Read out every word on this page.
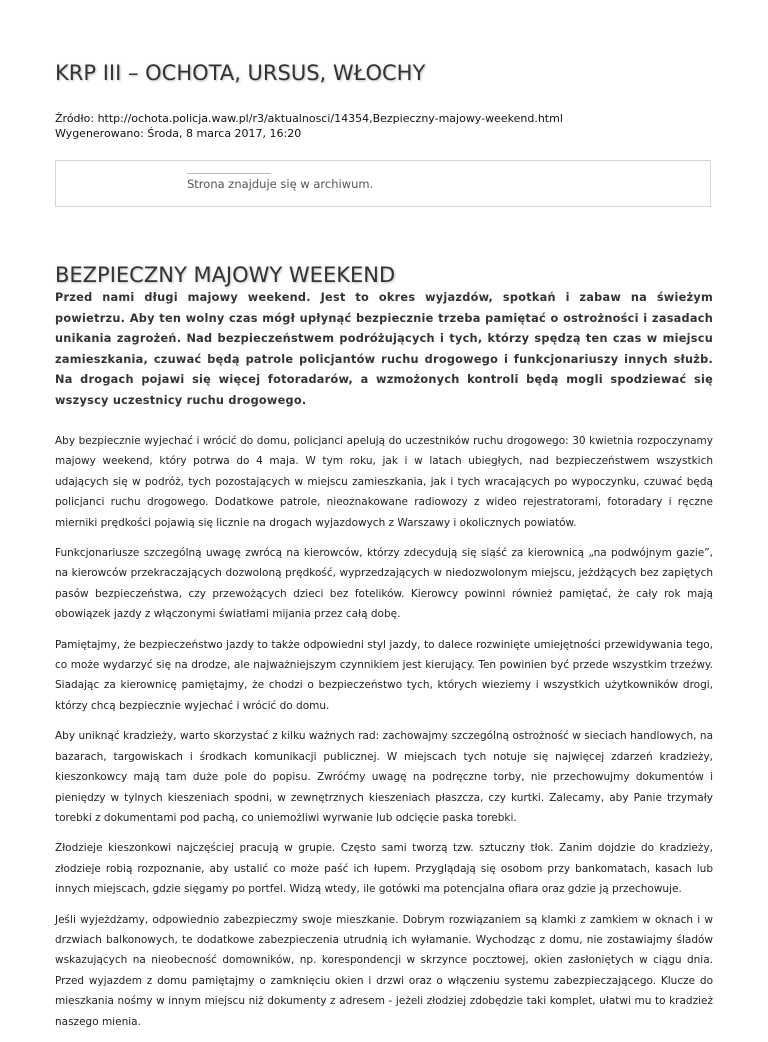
KRP III – OCHOTA, URSUS, WŁOCHY
Źródło: http://ochota.policja.waw.pl/r3/aktualnosci/14354,Bezpieczny-majowy-weekend.html
Wygenerowano: Środa, 8 marca 2017, 16:20
Strona znajduje się w archiwum.
BEZPIECZNY MAJOWY WEEKEND

Przed nami długi majowy weekend. Jest to okres wyjazdów, spotkań i zabaw na świeżym powietrzu. Aby ten wolny czas mógł upłynąć bezpiecznie trzeba pamiętać o ostrożności i zasadach unikania zagrożeń. Nad bezpieczeństwem podróżujących i tych, którzy spędzą ten czas w miejscu zamieszkania, czuwać będą patrole policjantów ruchu drogowego i funkcjonariuszy innych służb. Na drogach pojawi się więcej fotoradarów, a wzmożonych kontroli będą mogli spodziewać się wszyscy uczestnicy ruchu drogowego.

Aby bezpiecznie wyjechać i wrócić do domu, policjanci apelują do uczestników ruchu drogowego: 30 kwietnia rozpoczynamy majowy weekend, który potrwa do 4 maja. W tym roku, jak i w latach ubiegłych, nad bezpieczeństwem wszystkich udających się w podróż, tych pozostających w miejscu zamieszkania, jak i tych wracających po wypoczynku, czuwać będą policjanci ruchu drogowego. Dodatkowe patrole, nieoznakowane radiowozy z wideo rejestratorami, fotoradary i ręczne mierniki prędkości pojawią się licznie na drogach wyjazdowych z Warszawy i okolicznych powiatów.

Funkcjonariusze szczególną uwagę zwrócą na kierowców, którzy zdecydują się siąść za kierownicą „na podwójnym gazie”, na kierowców przekraczających dozwoloną prędkość, wyprzedzających w niedozwolonym miejscu, jeżdżących bez zapiętych pasów bezpieczeństwa, czy przewożących dzieci bez fotelików. Kierowcy powinni również pamiętać, że cały rok mają obowiązek jazdy z włączonymi światłami mijania przez całą dobę.

Pamiętajmy, że bezpieczeństwo jazdy to także odpowiedni styl jazdy, to dalece rozwinięte umiejętności przewidywania tego, co może wydarzyć się na drodze, ale najważniejszym czynnikiem jest kierujący. Ten powinien być przede wszystkim trzeźwy. Siadając za kierownicę pamiętajmy, że chodzi o bezpieczeństwo tych, których wieziemy i wszystkich użytkowników drogi, którzy chcą bezpiecznie wyjechać i wrócić do domu.

Aby uniknąć kradzieży, warto skorzystać z kilku ważnych rad: zachowajmy szczególną ostrożność w sieciach handlowych, na bazarach, targowiskach i środkach komunikacji publicznej. W miejscach tych notuje się najwięcej zdarzeń kradzieży, kieszonkowcy mają tam duże pole do popisu. Zwróćmy uwagę na podręczne torby, nie przechowujmy dokumentów i pieniędzy w tylnych kieszeniach spodni, w zewnętrznych kieszeniach płaszcza, czy kurtki. Zalecamy, aby Panie trzymały torebki z dokumentami pod pachą, co uniemożliwi wyrwanie lub odcięcie paska torebki.

Złodzieje kieszonkowi najczęściej pracują w grupie. Często sami tworzą tzw. sztuczny tłok. Zanim dojdzie do kradzieży, złodzieje robią rozpoznanie, aby ustalić co może paść ich łupem. Przyglądają się osobom przy bankomatach, kasach lub innych miejscach, gdzie sięgamy po portfel. Widzą wtedy, ile gotówki ma potencjalna ofiara oraz gdzie ją przechowuje.

Jeśli wyjeżdżamy, odpowiednio zabezpieczmy swoje mieszkanie. Dobrym rozwiązaniem są klamki z zamkiem w oknach i w drzwiach balkonowych, te dodatkowe zabezpieczenia utrudnią ich wyłamanie. Wychodząc z domu, nie zostawiajmy śladów wskazujących na nieobecność domowników, np. korespondencji w skrzynce pocztowej, okien zasłoniętych w ciągu dnia. Przed wyjazdem z domu pamiętajmy o zamknięciu okien i drzwi oraz o włączeniu systemu zabezpieczającego. Klucze do mieszkania nośmy w innym miejscu niż dokumenty z adresem - jeżeli złodziej zdobędzie taki komplet, ułatwi mu to kradzież naszego mienia.
